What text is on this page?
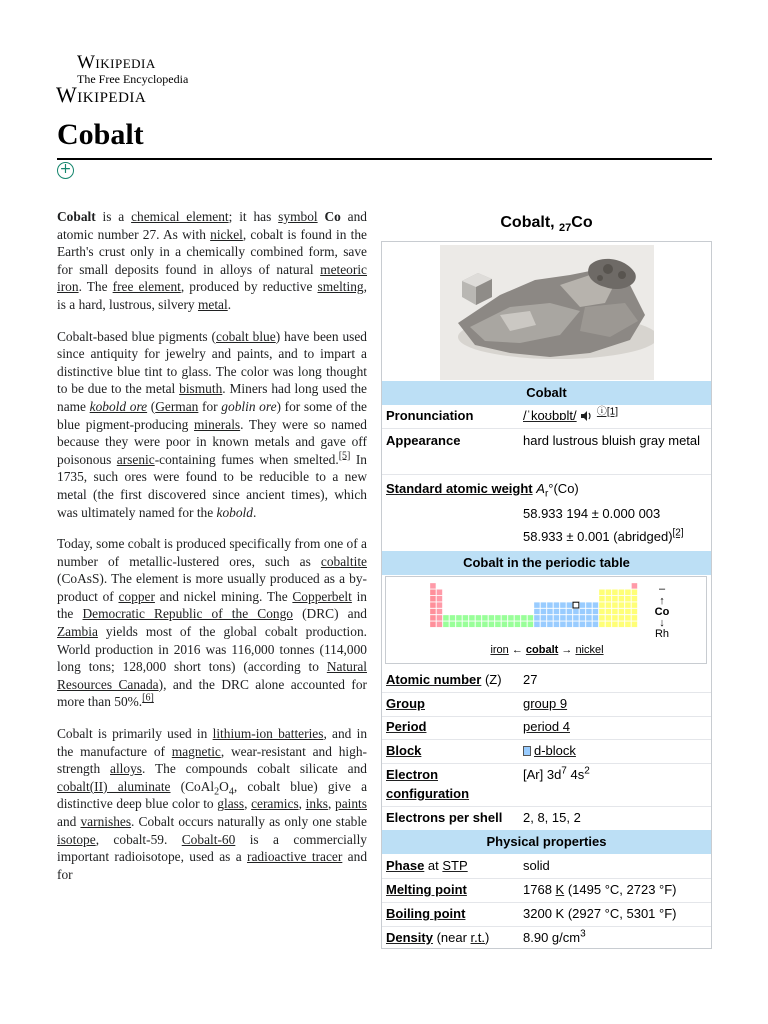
Wikipedia
The Free Encyclopedia
Wikipedia
Cobalt
+

Cobalt is a chemical element; it has symbol Co and atomic number 27. As with nickel, cobalt is found in the Earth's crust only in a chemically combined form, save for small deposits found in alloys of natural meteoric iron. The free element, produced by reductive smelting, is a hard, lustrous, silvery metal.

Cobalt-based blue pigments (cobalt blue) have been used since antiquity for jewelry and paints, and to impart a distinctive blue tint to glass. The color was long thought to be due to the metal bismuth. Miners had long used the name kobold ore (German for goblin ore) for some of the blue pigment-producing minerals. They were so named because they were poor in known metals and gave off poisonous arsenic-containing fumes when smelted.[5] In 1735, such ores were found to be reducible to a new metal (the first discovered since ancient times), which was ultimately named for the kobold.

Today, some cobalt is produced specifically from one of a number of metallic-lustered ores, such as cobaltite (CoAsS). The element is more usually produced as a by-product of copper and nickel mining. The Copperbelt in the Democratic Republic of the Congo (DRC) and Zambia yields most of the global cobalt production. World production in 2016 was 116,000 tonnes (114,000 long tons; 128,000 short tons) (according to Natural Resources Canada), and the DRC alone accounted for more than 50%.[6]

Cobalt is primarily used in lithium-ion batteries, and in the manufacture of magnetic, wear-resistant and high-strength alloys. The compounds cobalt silicate and cobalt(II) aluminate ($CoAl_2O_4$, cobalt blue) give a distinctive deep blue color to glass, ceramics, inks, paints and varnishes. Cobalt occurs naturally as only one stable isotope, cobalt-59. Cobalt-60 is a commercially important radioisotope, used as a radioactive tracer and for

Cobalt, $_{27}$Co
Cobalt
Pronunciation	/ˈkoʊbɒlt/ $^{ⓘ[1]}$
Appearance	hard lustrous bluish gray metal
Standard atomic weight $A_r^\circ(Co)$
58.933 194 ± 0.000 003
58.933 ± 0.001 (abridged)[2]
Cobalt in the periodic table
–
↑
Co
↓
Rh
iron ← cobalt → nickel
Atomic number (Z) 27
Group	group 9
Period	period 4
Block	d-block
Electron configuration
[Ar] $3d^7$ $4s^2$
Electrons per shell 2, 8, 15, 2
Physical properties
Phase at STP	solid
Melting point	1768 K (1495 °C, 2723 °F)
Boiling point	3200 K (2927 °C, 5301 °F)
Density (near r.t.)	8.90 $g/cm^3$
